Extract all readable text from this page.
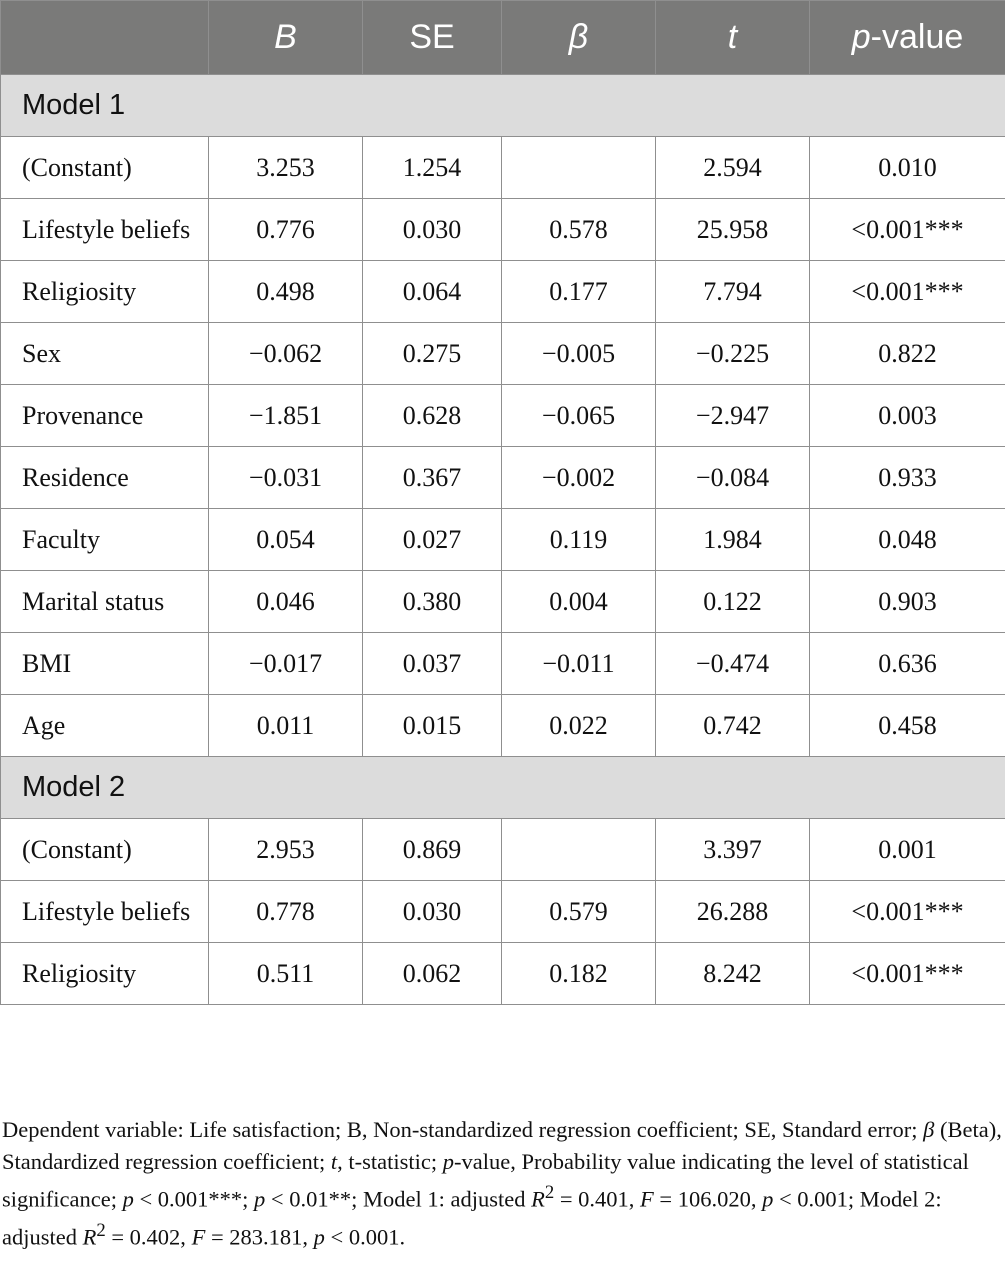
	B	SE	β	t	p-value
Model 1					
(Constant)	3.253	1.254		2.594	0.010
Lifestyle beliefs	0.776	0.030	0.578	25.958	<0.001***
Religiosity	0.498	0.064	0.177	7.794	<0.001***
Sex	−0.062	0.275	−0.005	−0.225	0.822
Provenance	−1.851	0.628	−0.065	−2.947	0.003
Residence	−0.031	0.367	−0.002	−0.084	0.933
Faculty	0.054	0.027	0.119	1.984	0.048
Marital status	0.046	0.380	0.004	0.122	0.903
BMI	−0.017	0.037	−0.011	−0.474	0.636
Age	0.011	0.015	0.022	0.742	0.458
Model 2					
(Constant)	2.953	0.869		3.397	0.001
Lifestyle beliefs	0.778	0.030	0.579	26.288	<0.001***
Religiosity	0.511	0.062	0.182	8.242	<0.001***
Dependent variable: Life satisfaction; B, Non-standardized regression coefficient; SE, Standard error; β (Beta), Standardized regression coefficient; t, t-statistic; p-value, Probability value indicating the level of statistical significance; p < 0.001***; p < 0.01**; Model 1: adjusted $R^2 = 0.401$, F = 106.020, p < 0.001; Model 2: adjusted $R^2 = 0.402$, F = 283.181, p < 0.001.
